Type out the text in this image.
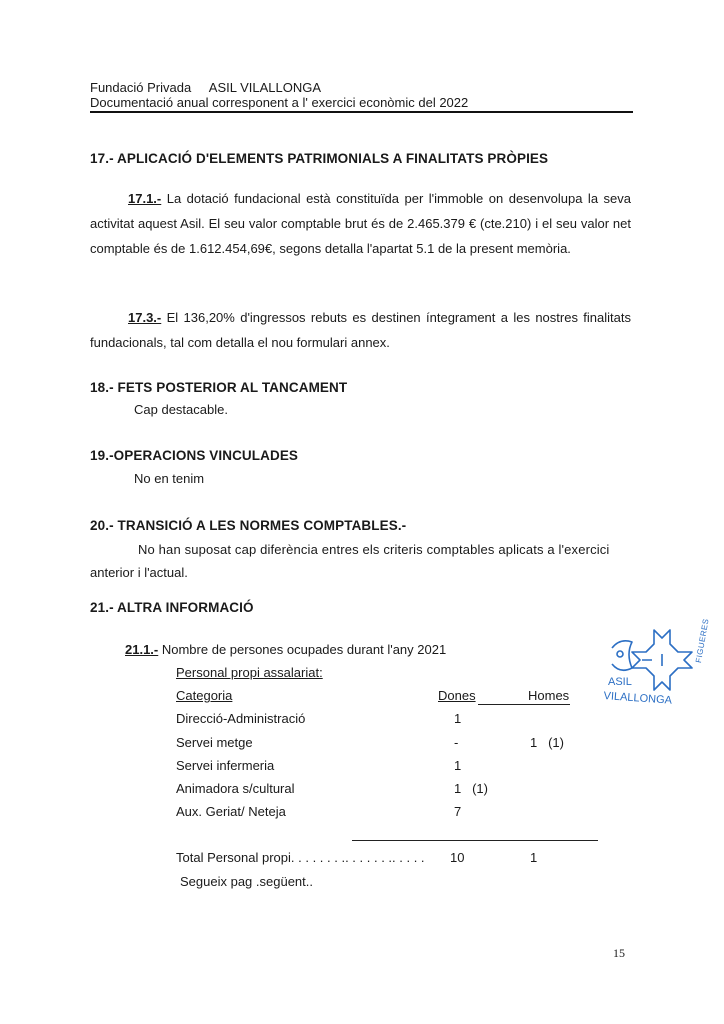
Fundació Privada ASIL VILALLONGA
Documentació anual corresponent a l' exercici econòmic del 2022
17.- APLICACIÓ D'ELEMENTS PATRIMONIALS A FINALITATS PRÒPIES
17.1.- La dotació fundacional està constituïda per l'immoble on desenvolupa la seva activitat aquest Asil. El seu valor comptable brut és de 2.465.379 € (cte.210) i el seu valor net comptable és de 1.612.454,69€, segons detalla l'apartat 5.1 de la present memòria.
17.3.- El 136,20% d'ingressos rebuts es destinen íntegrament a les nostres finalitats fundacionals, tal com detalla el nou formulari annex.
18.- FETS POSTERIOR AL TANCAMENT
Cap destacable.
19.-OPERACIONS VINCULADES
No en tenim
20.- TRANSICIÓ A LES NORMES COMPTABLES.-
No han suposat cap diferència entres els criteris comptables aplicats a l'exercici
anterior i l'actual.
21.- ALTRA INFORMACIÓ
21.1.- Nombre de persones ocupades durant l'any 2021
Personal propi assalariat:
Categoria	Dones	Homes
Direcció-Administració	1
Servei metge	-	1   (1)
Servei infermeria	1
Animadora s/cultural	1   (1)
Aux. Geriat/ Neteja	7
Total Personal propi. . . . . . . .. . . . . . .. . . . . 10	1
Segueix pag .següent..
FIGUERES
ASIL
VILALLONGA
15
